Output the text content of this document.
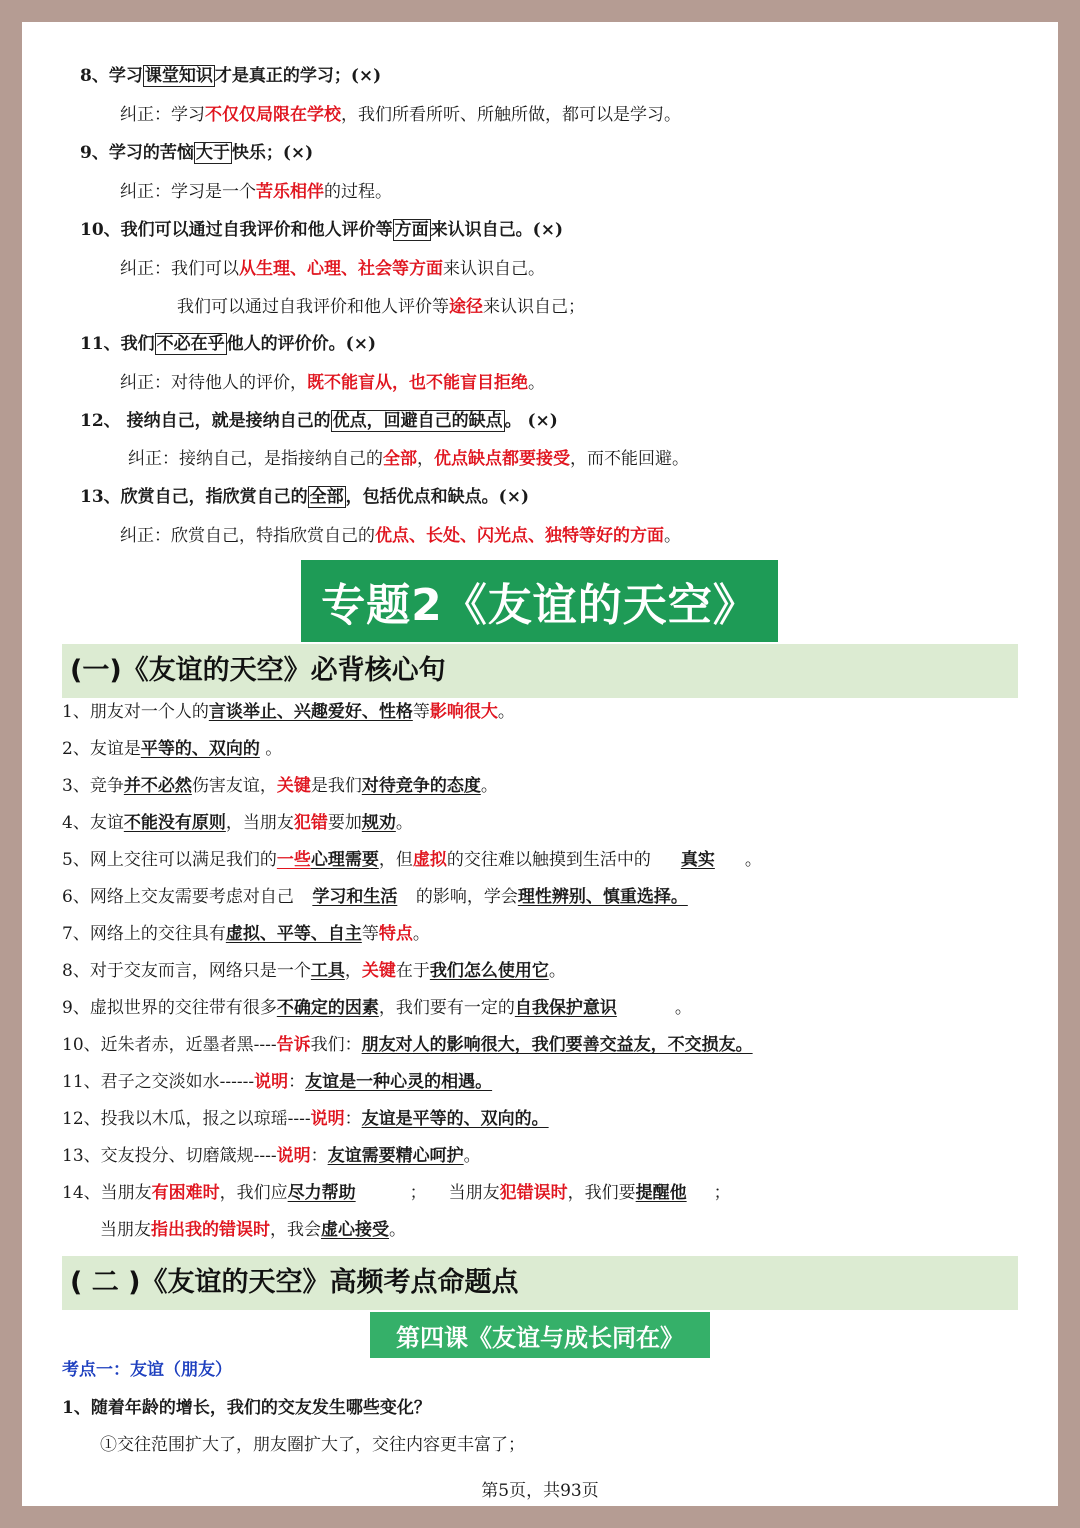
8、学习 课堂知识 才是真正的学习；(×)
纠正：学习不仅仅局限在学校，我们所看所听、所触所做，都可以是学习。
9、学习的苦恼 大于 快乐；(×)
纠正：学习是一个苦乐相伴的过程。
10、我们可以通过自我评价和他人评价等 方面 来认识自己。(×)
纠正：我们可以从生理、心理、社会等方面来认识自己。
我们可以通过自我评价和他人评价等途径来认识自己；
11、我们 不必在乎 他人的评价价。(×)
纠正：对待他人的评价，既不能盲从，也不能盲目拒绝。
12、 接纳自己，就是接纳自己的 优点，回避自己的缺点 。 (×)
纠正：接纳自己，是指接纳自己的全部，优点缺点都要接受，而不能回避。
13、欣赏自己，指欣赏自己的 全部 ，包括优点和缺点。(×)
纠正：欣赏自己，特指欣赏自己的优点、长处、闪光点、独特等好的方面。
专题2《友谊的天空》
(一)《友谊的天空》必背核心句
1、朋友对一个人的言谈举止、兴趣爱好、性格等影响很大。
2、友谊是平等的、双向的 。
3、竞争并不必然伤害友谊，关键是我们对待竞争的态度。
4、友谊不能没有原则，当朋友犯错要加规劝。
5、网上交往可以满足我们的一些心理需要，但虚拟的交往难以触摸到生活中的 真实 。
6、网络上交友需要考虑对自己 学习和生活 的影响，学会理性辨别、慎重选择。
7、网络上的交往具有虚拟、平等、自主等特点。
8、对于交友而言，网络只是一个工具，关键在于我们怎么使用它。
9、虚拟世界的交往带有很多不确定的因素，我们要有一定的自我保护意识	。
10、近朱者赤，近墨者黑----告诉我们：朋友对人的影响很大，我们要善交益友，不交损友。
11、君子之交淡如水------说明：友谊是一种心灵的相遇。
12、投我以木瓜，报之以琼瑶----说明：友谊是平等的、双向的。
13、交友投分、切磨箴规----说明：友谊需要精心呵护。
14、当朋友有困难时，我们应尽力帮助	； 当朋友犯错误时，我们要提醒他 ；
当朋友指出我的错误时，我会虚心接受。
( 二 )《友谊的天空》高频考点命题点
第四课《友谊与成长同在》
考点一：友谊（朋友）
1、随着年龄的增长，我们的交友发生哪些变化？
①交往范围扩大了，朋友圈扩大了，交往内容更丰富了；
第5页，共93页
